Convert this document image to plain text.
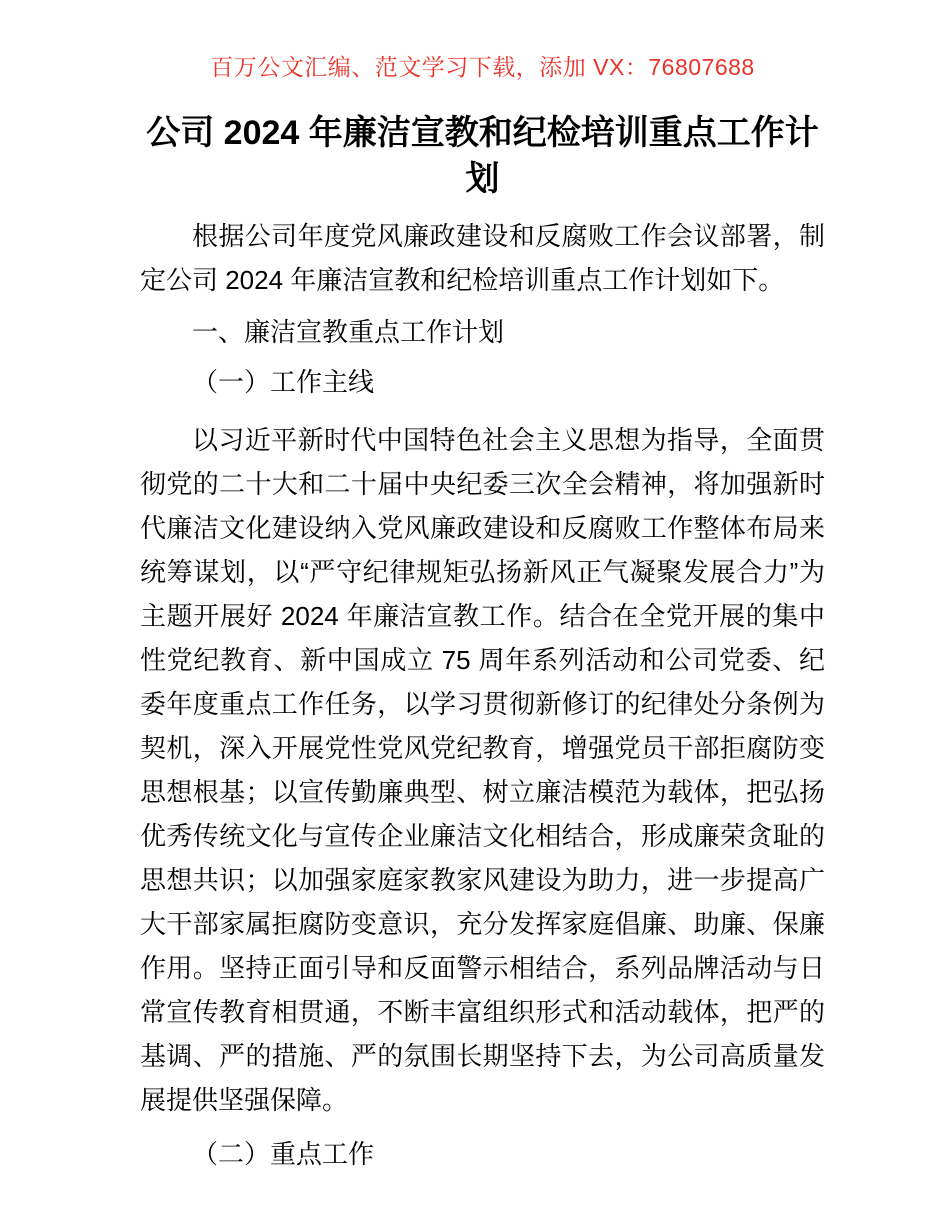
百万公文汇编、范文学习下载，添加 VX：76807688
公司 2024 年廉洁宣教和纪检培训重点工作计划

根据公司年度党风廉政建设和反腐败工作会议部署，制定公司 2024 年廉洁宣教和纪检培训重点工作计划如下。

一、廉洁宣教重点工作计划

（一）工作主线

以习近平新时代中国特色社会主义思想为指导，全面贯彻党的二十大和二十届中央纪委三次全会精神，将加强新时代廉洁文化建设纳入党风廉政建设和反腐败工作整体布局来统筹谋划，以“严守纪律规矩弘扬新风正气凝聚发展合力”为主题开展好 2024 年廉洁宣教工作。结合在全党开展的集中性党纪教育、新中国成立 75 周年系列活动和公司党委、纪委年度重点工作任务，以学习贯彻新修订的纪律处分条例为契机，深入开展党性党风党纪教育，增强党员干部拒腐防变思想根基；以宣传勤廉典型、树立廉洁模范为载体，把弘扬优秀传统文化与宣传企业廉洁文化相结合，形成廉荣贪耻的思想共识；以加强家庭家教家风建设为助力，进一步提高广大干部家属拒腐防变意识，充分发挥家庭倡廉、助廉、保廉作用。坚持正面引导和反面警示相结合，系列品牌活动与日常宣传教育相贯通，不断丰富组织形式和活动载体，把严的基调、严的措施、严的氛围长期坚持下去，为公司高质量发展提供坚强保障。

（二）重点工作
